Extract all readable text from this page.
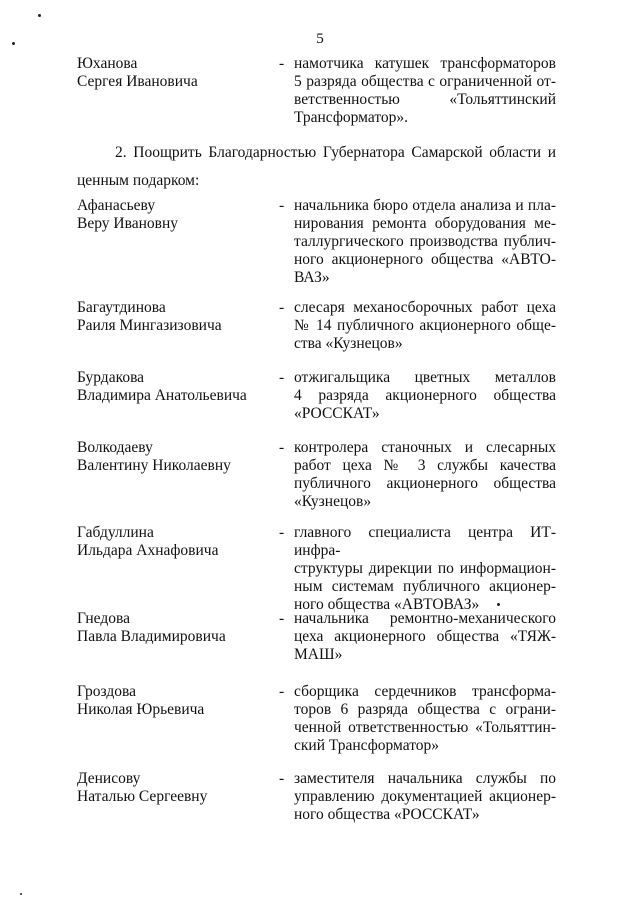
5
Юханова
Сергея Ивановича
- намотчика катушек трансформаторов
5 разряда общества с ограниченной от-
ветственностью «Тольяттинский
Трансформатор».
2. Поощрить Благодарностью Губернатора Самарской области и
ценным подарком:
Афанасьеву
Веру Ивановну
- начальника бюро отдела анализа и пла-
нирования ремонта оборудования ме-
таллургического производства публич-
ного акционерного общества «АВТО-
ВАЗ»
Багаутдинова
Раиля Мингазизовича
- слесаря механосборочных работ цеха
№ 14 публичного акционерного обще-
ства «Кузнецов»
Бурдакова
Владимира Анатольевича
- отжигальщика цветных металлов
4 разряда акционерного общества
«РОССКАТ»
Волкодаеву
Валентину Николаевну
- контролера станочных и слесарных
работ цеха № 3 службы качества
публичного акционерного общества
«Кузнецов»
Габдуллина
Ильдара Ахнафовича
- главного специалиста центра ИТ-инфра-
структуры дирекции по информацион-
ным системам публичного акционер-
ного общества «АВТОВАЗ»
Гнедова
Павла Владимировича
- начальника ремонтно-механического
цеха акционерного общества «ТЯЖ-
МАШ»
Гроздова
Николая Юрьевича
- сборщика сердечников трансформа-
торов 6 разряда общества с ограни-
ченной ответственностью «Тольяттин-
ский Трансформатор»
Денисову
Наталью Сергеевну
- заместителя начальника службы по
управлению документацией акционер-
ного общества «РОССКАТ»
